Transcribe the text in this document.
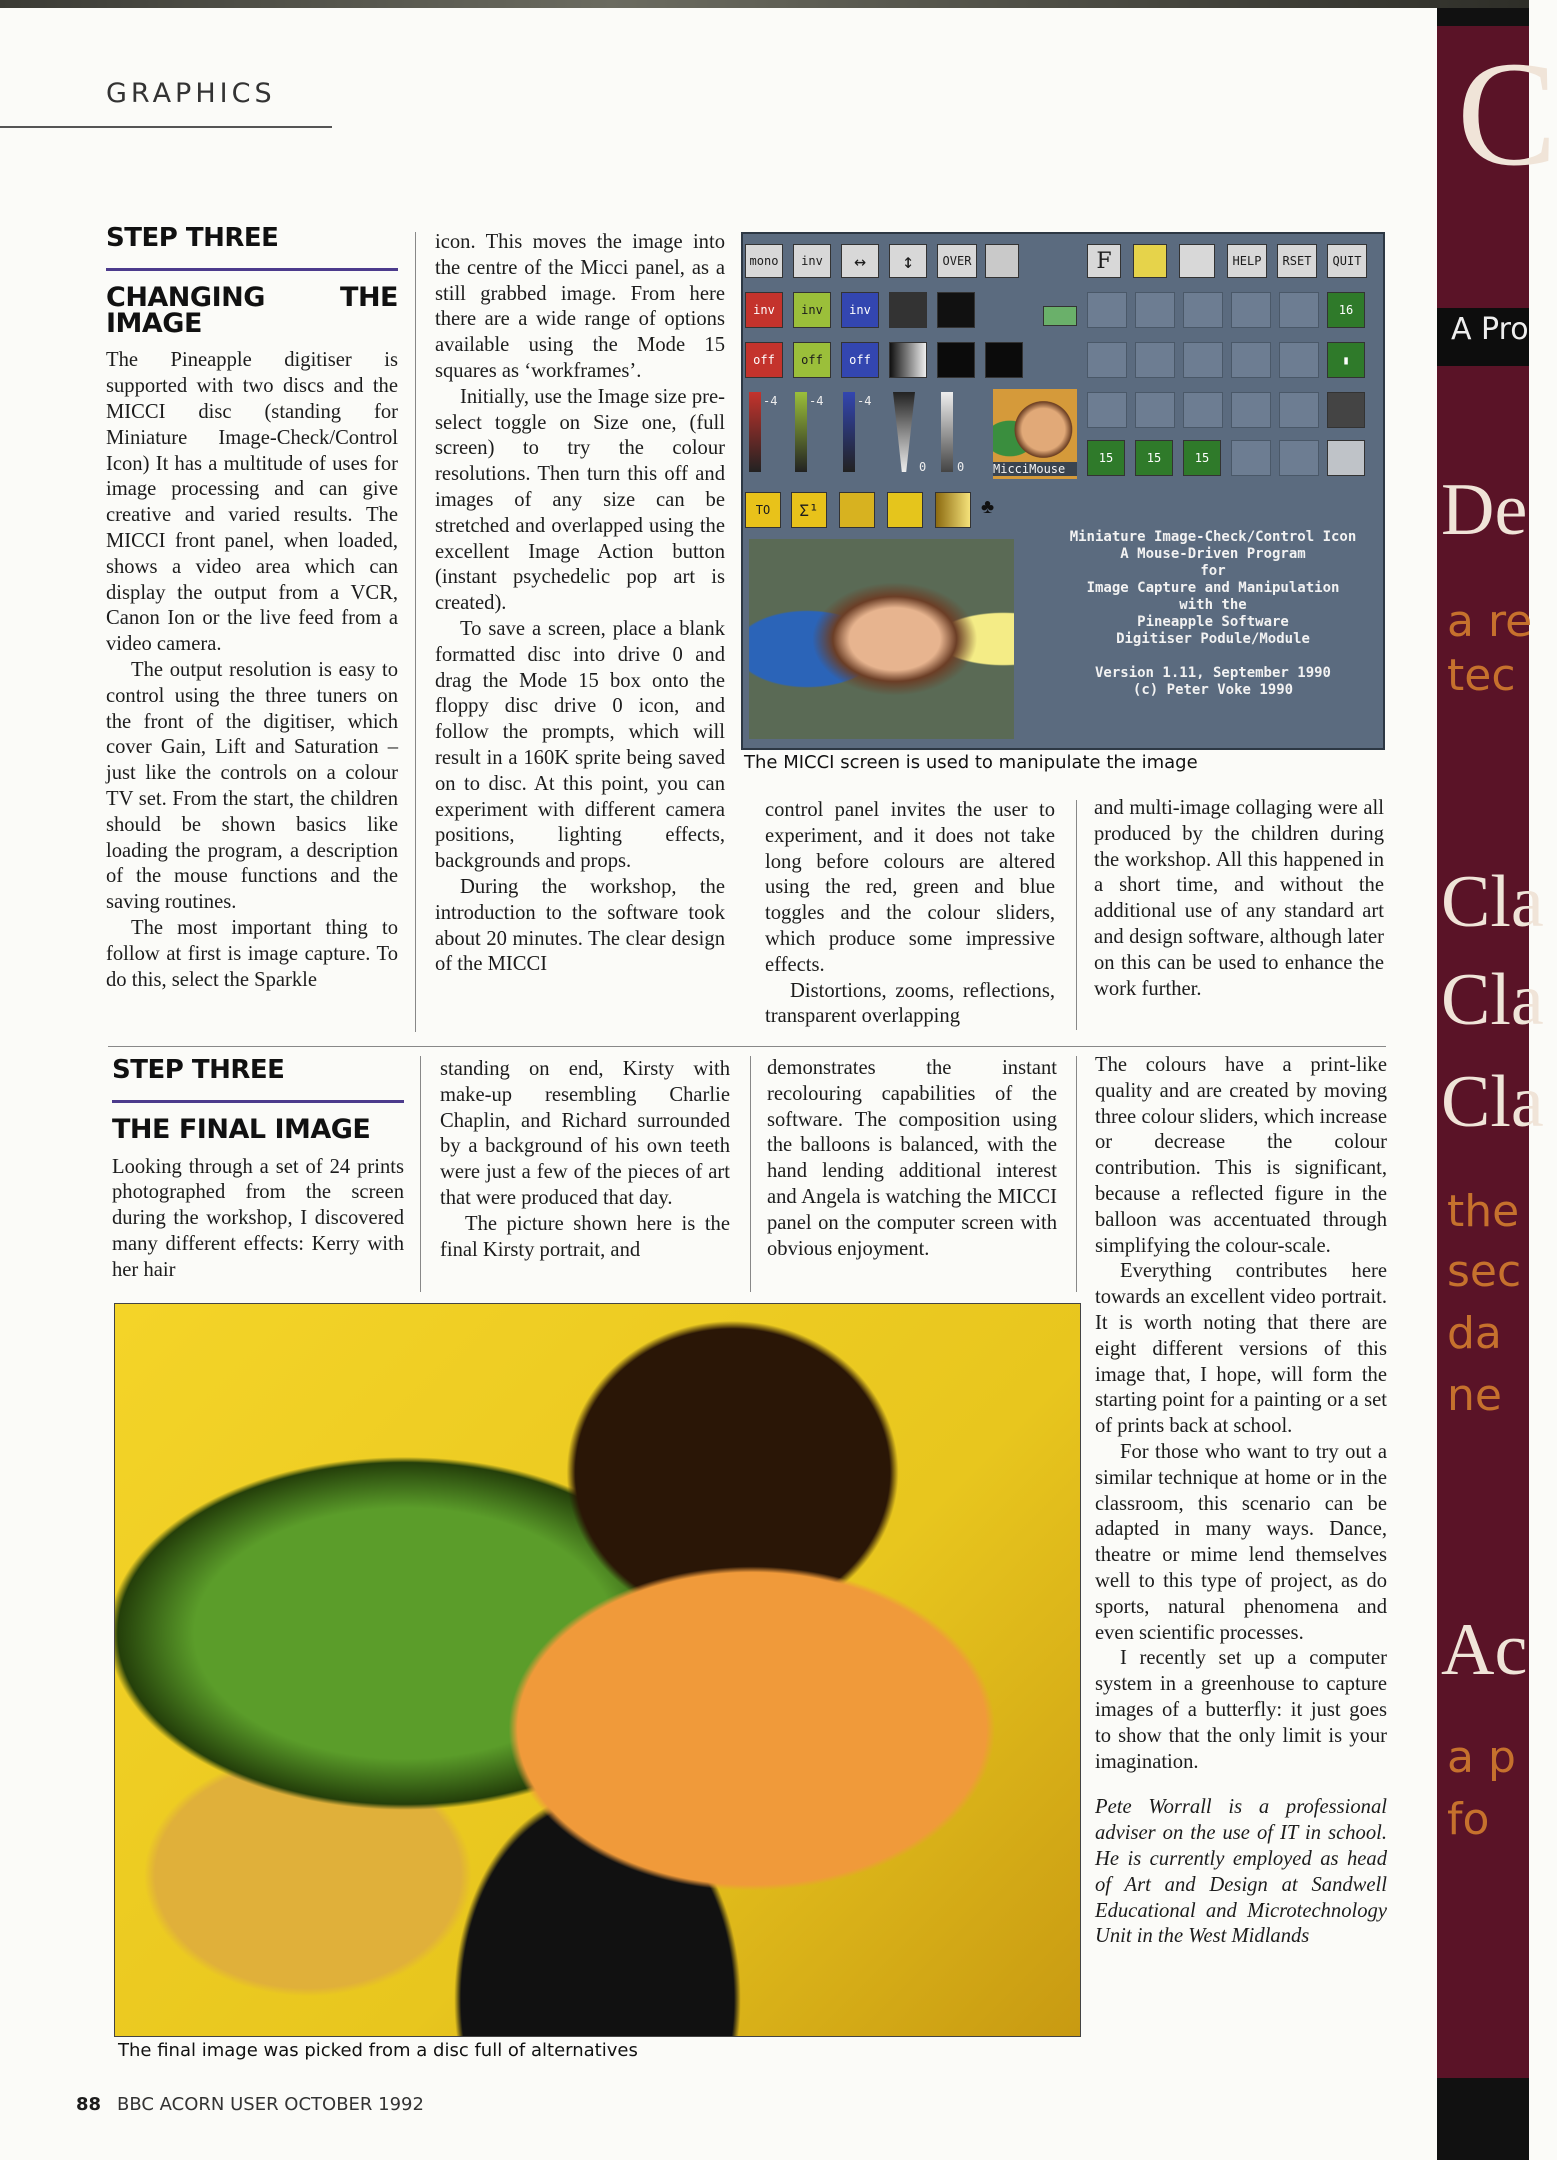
GRAPHICS	C
A Pro
De
a re
tec
Cla
Cla
Cla
the
sec
da
ne
Ac
a p
fo
STEP THREE
CHANGING THE IMAGE

The Pineapple digitiser is supported with two discs and the MICCI disc (standing for Miniature Image-Check/Control Icon) It has a multitude of uses for image processing and can give creative and varied results. The MICCI front panel, when loaded, shows a video area which can display the output from a VCR, Canon Ion or the live feed from a video camera.

The output resolution is easy to control using the three tuners on the front of the digitiser, which cover Gain, Lift and Saturation – just like the controls on a colour TV set. From the start, the children should be shown basics like loading the program, a description of the mouse functions and the saving routines.

The most important thing to follow at first is image capture. To do this, select the Sparkle

icon. This moves the image into the centre of the Micci panel, as a still grabbed image. From here there are a wide range of options available using the Mode 15 squares as ‘workframes’.

Initially, use the Image size pre-select toggle on Size one, (full screen) to try the colour resolutions. Then turn this off and images of any size can be stretched and overlapped using the excellent Image Action button (instant psychedelic pop art is created).

To save a screen, place a blank formatted disc into drive 0 and drag the Mode 15 box onto the floppy disc drive 0 icon, and follow the prompts, which will result in a 160K sprite being saved on to disc. At this point, you can experiment with different camera positions, lighting effects, backgrounds and props.

During the workshop, the introduction to the software took about 20 minutes. The clear design of the MICCI

mono	inv	↔	↕	OVER	F	HELP	RSET	QUIT
inv	inv	inv
off	off	off
-4	-4	-4
0	0 MicciMouse
TO	Σ¹	♣
16
▮
15	15	15
Miniature Image-Check/Control Icon
A Mouse-Driven Program
for
Image Capture and Manipulation
with the
Pineapple Software
Digitiser Podule/Module

Version 1.11, September 1990
(c) Peter Voke 1990
The MICCI screen is used to manipulate the image

control panel invites the user to experiment, and it does not take long before colours are altered using the red, green and blue toggles and the colour sliders, which produce some impressive effects.

Distortions, zooms, reflections, transparent overlapping

and multi-image collaging were all produced by the children during the workshop. All this happened in a short time, and without the additional use of any standard art and design software, although later on this can be used to enhance the work further.

STEP THREE
THE FINAL IMAGE

Looking through a set of 24 prints photographed from the screen during the workshop, I discovered many different effects: Kerry with her hair

standing on end, Kirsty with make-up resembling Charlie Chaplin, and Richard surrounded by a background of his own teeth were just a few of the pieces of art that were produced that day.

The picture shown here is the final Kirsty portrait, and

demonstrates the instant recolouring capabilities of the software. The composition using the balloons is balanced, with the hand lending additional interest and Angela is watching the MICCI panel on the computer screen with obvious enjoyment.

The colours have a print-like quality and are created by moving three colour sliders, which increase or decrease the colour contribution. This is significant, because a reflected figure in the balloon was accentuated through simplifying the colour-scale.

Everything contributes here towards an excellent video portrait. It is worth noting that there are eight different versions of this image that, I hope, will form the starting point for a painting or a set of prints back at school.

For those who want to try out a similar technique at home or in the classroom, this scenario can be adapted in many ways. Dance, theatre or mime lend themselves well to this type of project, as do sports, natural phenomena and even scientific processes.

I recently set up a computer system in a greenhouse to capture images of a butterfly: it just goes to show that the only limit is your imagination.

Pete Worrall is a professional adviser on the use of IT in school. He is currently employed as head of Art and Design at Sandwell Educational and Microtechnology Unit in the West Midlands

The final image was picked from a disc full of alternatives
88 BBC ACORN USER OCTOBER 1992
